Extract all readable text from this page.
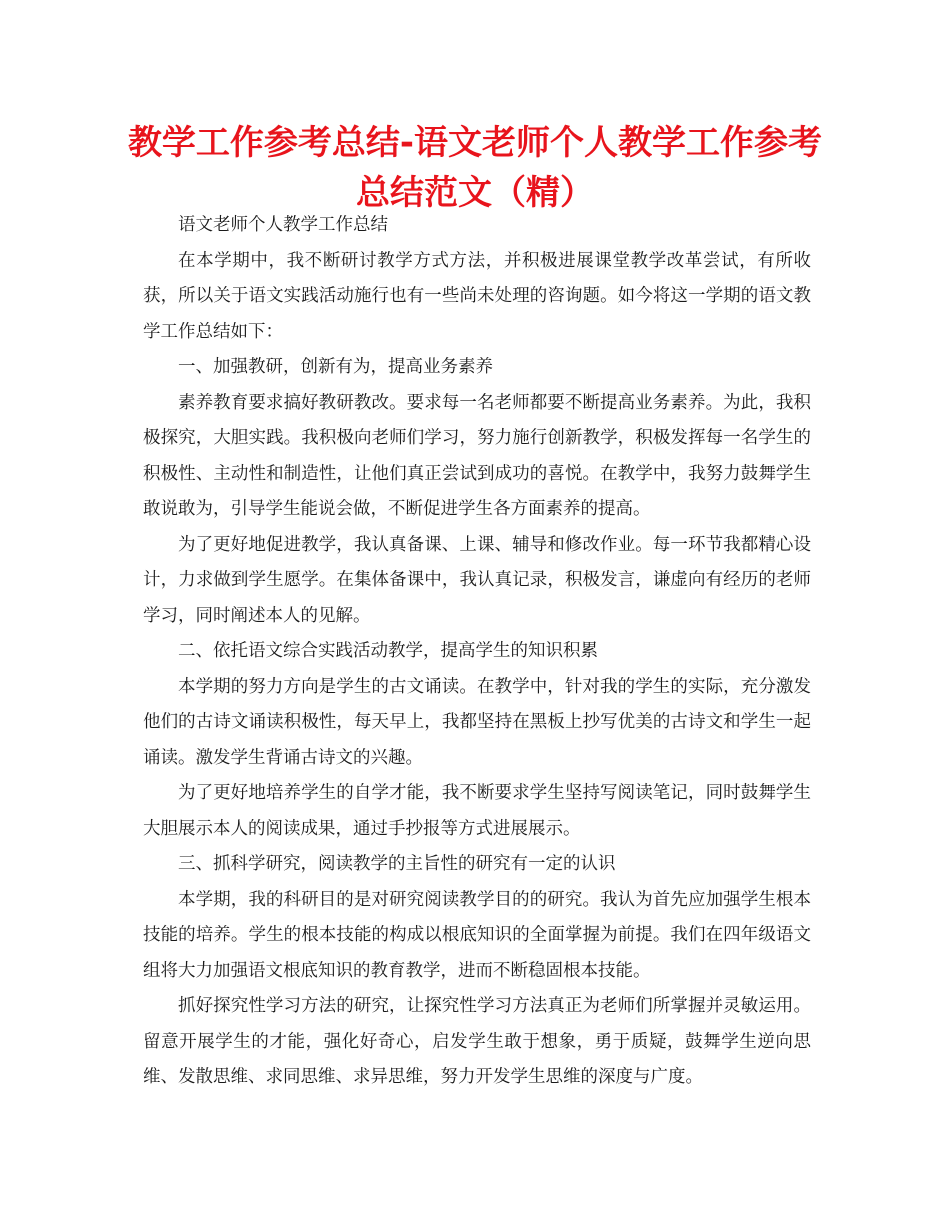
教学工作参考总结-语文老师个人教学工作参考总结范文（精）

语文老师个人教学工作总结

在本学期中，我不断研讨教学方式方法，并积极进展课堂教学改革尝试，有所收获，所以关于语文实践活动施行也有一些尚未处理的咨询题。如今将这一学期的语文教学工作总结如下：

一、加强教研，创新有为，提高业务素养

素养教育要求搞好教研教改。要求每一名老师都要不断提高业务素养。为此，我积极探究，大胆实践。我积极向老师们学习，努力施行创新教学，积极发挥每一名学生的积极性、主动性和制造性，让他们真正尝试到成功的喜悦。在教学中，我努力鼓舞学生敢说敢为，引导学生能说会做，不断促进学生各方面素养的提高。

为了更好地促进教学，我认真备课、上课、辅导和修改作业。每一环节我都精心设计，力求做到学生愿学。在集体备课中，我认真记录，积极发言，谦虚向有经历的老师学习，同时阐述本人的见解。

二、依托语文综合实践活动教学，提高学生的知识积累

本学期的努力方向是学生的古文诵读。在教学中，针对我的学生的实际，充分激发他们的古诗文诵读积极性，每天早上，我都坚持在黑板上抄写优美的古诗文和学生一起诵读。激发学生背诵古诗文的兴趣。

为了更好地培养学生的自学才能，我不断要求学生坚持写阅读笔记，同时鼓舞学生大胆展示本人的阅读成果，通过手抄报等方式进展展示。

三、抓科学研究，阅读教学的主旨性的研究有一定的认识

本学期，我的科研目的是对研究阅读教学目的的研究。我认为首先应加强学生根本技能的培养。学生的根本技能的构成以根底知识的全面掌握为前提。我们在四年级语文组将大力加强语文根底知识的教育教学，进而不断稳固根本技能。

抓好探究性学习方法的研究，让探究性学习方法真正为老师们所掌握并灵敏运用。留意开展学生的才能，强化好奇心，启发学生敢于想象，勇于质疑，鼓舞学生逆向思维、发散思维、求同思维、求异思维，努力开发学生思维的深度与广度。
